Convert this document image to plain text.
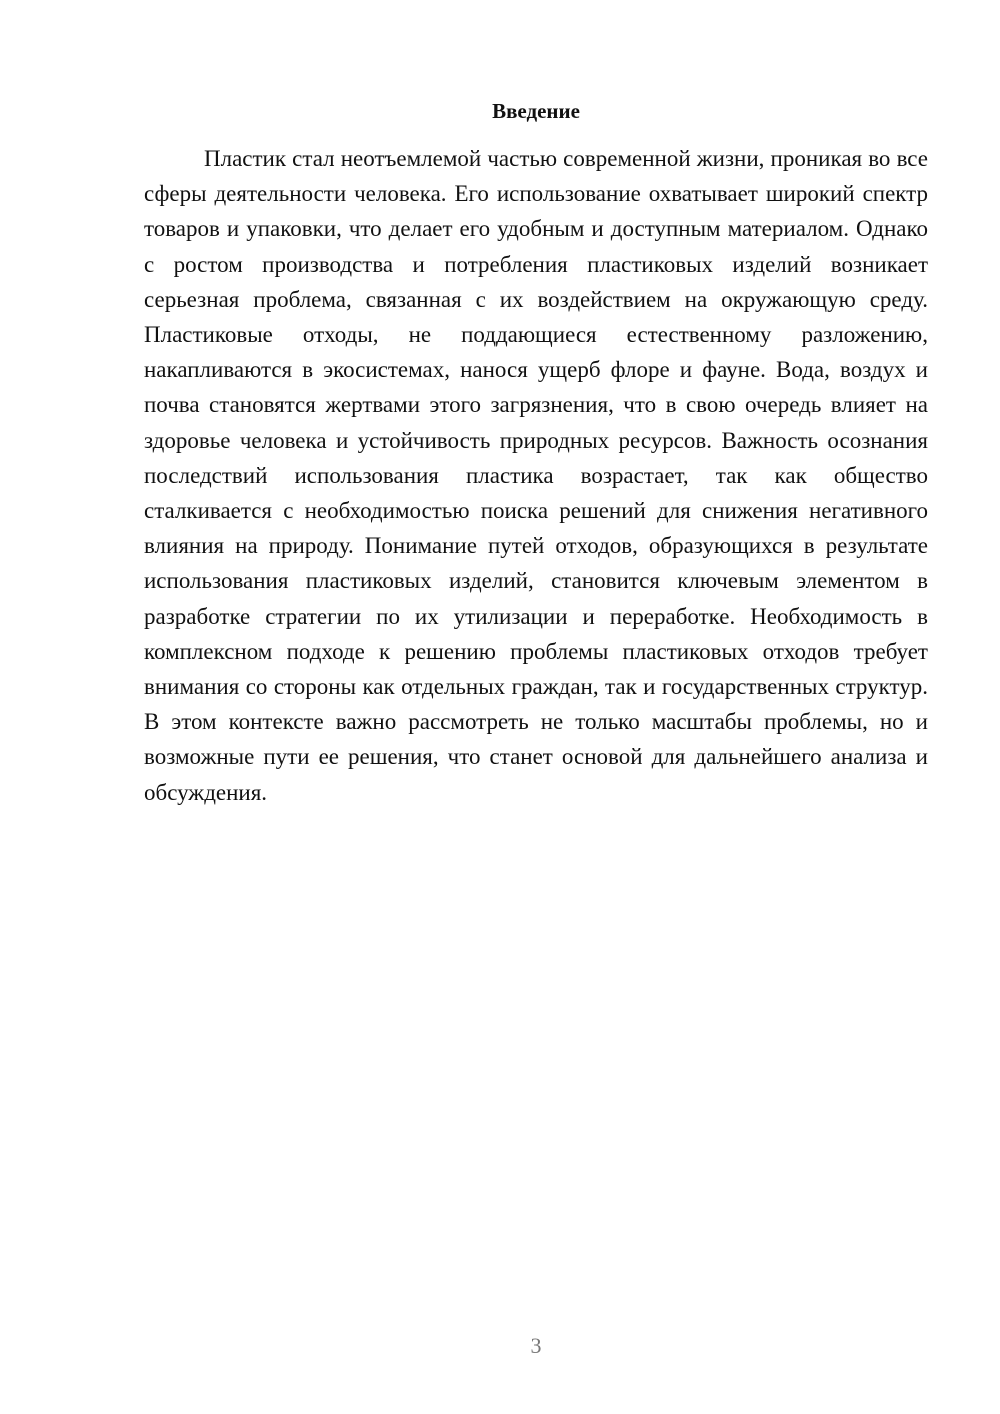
Введение

Пластик стал неотъемлемой частью современной жизни, проникая во все сферы деятельности человека. Его использование охватывает широкий спектр товаров и упаковки, что делает его удобным и доступным материалом. Однако с ростом производства и потребления пластиковых изделий возникает серьезная проблема, связанная с их воздействием на окружающую среду. Пластиковые отходы, не поддающиеся естественному разложению, накапливаются в экосистемах, нанося ущерб флоре и фауне. Вода, воздух и почва становятся жертвами этого загрязнения, что в свою очередь влияет на здоровье человека и устойчивость природных ресурсов. Важность осознания последствий использования пластика возрастает, так как общество сталкивается с необходимостью поиска решений для снижения негативного влияния на природу. Понимание путей отходов, образующихся в результате использования пластиковых изделий, становится ключевым элементом в разработке стратегии по их утилизации и переработке. Необходимость в комплексном подходе к решению проблемы пластиковых отходов требует внимания со стороны как отдельных граждан, так и государственных структур. В этом контексте важно рассмотреть не только масштабы проблемы, но и возможные пути ее решения, что станет основой для дальнейшего анализа и обсуждения.

3
